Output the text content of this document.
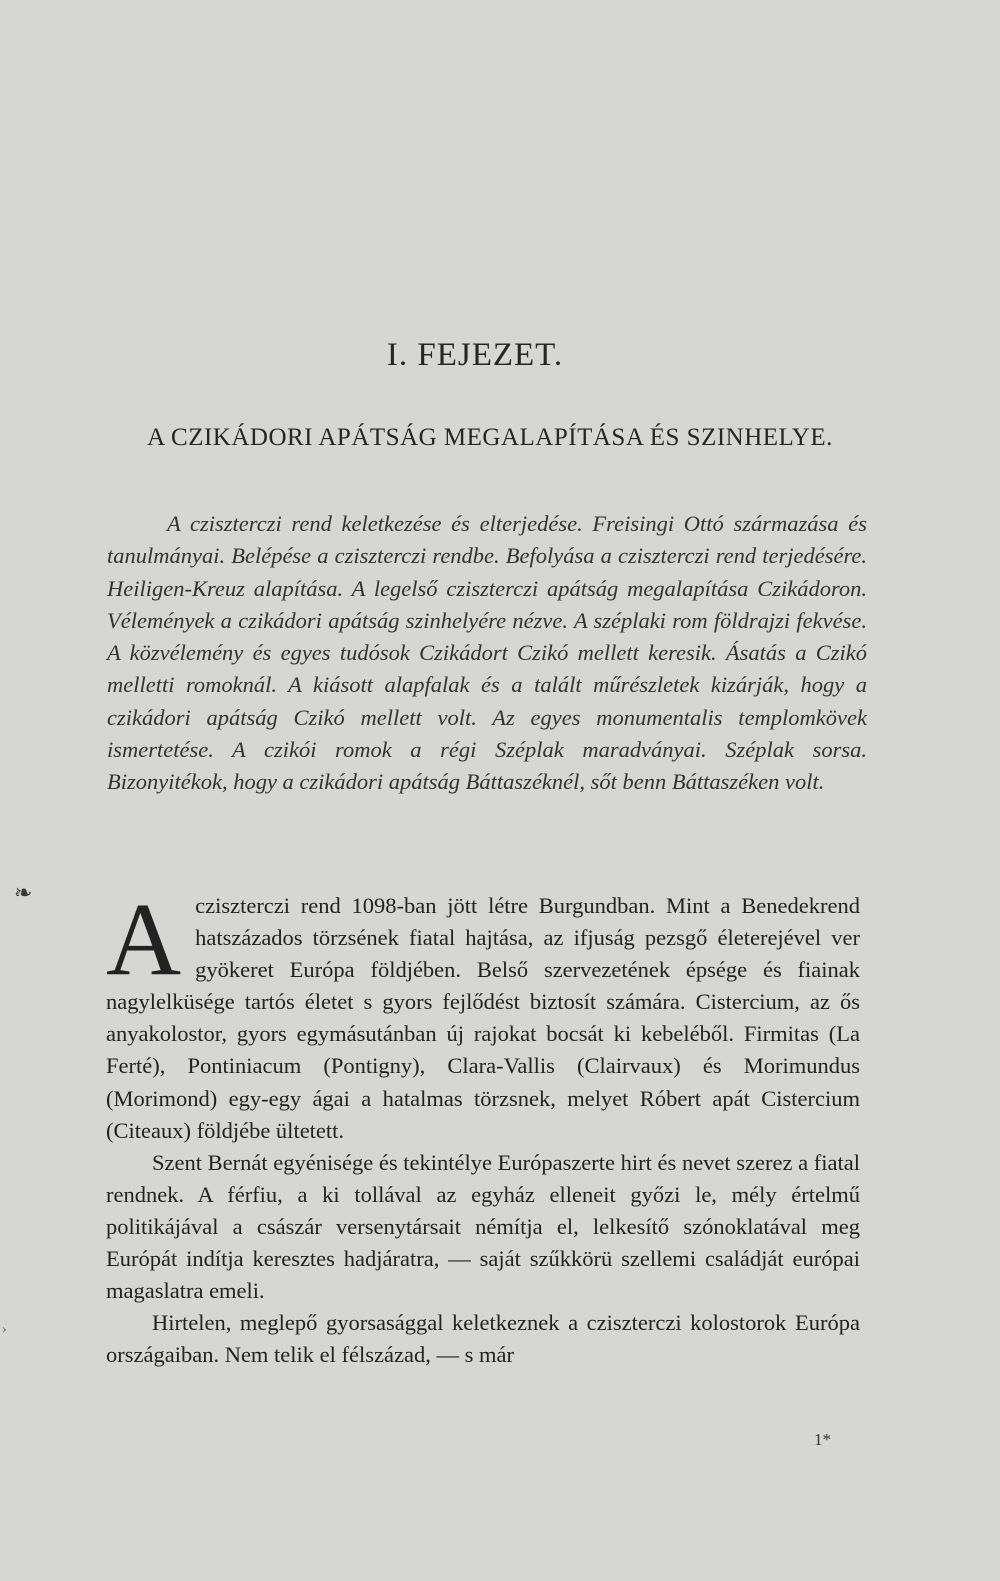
❧
›
I. FEJEZET.
A CZIKÁDORI APÁTSÁG MEGALAPÍTÁSA ÉS SZINHELYE.

A cziszterczi rend keletkezése és elterjedése. Freisingi Ottó származása és tanulmányai. Belépése a cziszterczi rendbe. Befolyása a cziszterczi rend terjedésére. Heiligen-Kreuz alapítása. A legelső cziszterczi apátság megalapítása Czikádoron. Vélemények a czikádori apátság szinhelyére nézve. A széplaki rom földrajzi fekvése. A közvélemény és egyes tudósok Czikádort Czikó mellett keresik. Ásatás a Czikó melletti romoknál. A kiásott alapfalak és a talált műrészletek kizárják, hogy a czikádori apátság Czikó mellett volt. Az egyes monumentalis templomkövek ismertetése. A czikói romok a régi Széplak maradványai. Széplak sorsa. Bizonyitékok, hogy a czikádori apátság Báttaszéknél, sőt benn Báttaszéken volt.

Acziszterczi rend 1098-ban jött létre Burgundban. Mint a Benedekrend hatszázados törzsének fiatal hajtása, az ifjuság pezsgő életerejével ver gyökeret Európa földjében. Belső szervezetének épsége és fiainak nagylelküsége tartós életet s gyors fejlődést biztosít számára. Cistercium, az ős anyakolostor, gyors egymásutánban új rajokat bocsát ki kebeléből. Firmitas (La Ferté), Pontiniacum (Pontigny), Clara-Vallis (Clairvaux) és Morimundus (Morimond) egy-egy ágai a hatalmas törzsnek, melyet Róbert apát Cistercium (Citeaux) földjébe ültetett.

Szent Bernát egyénisége és tekintélye Európaszerte hirt és nevet szerez a fiatal rendnek. A férfiu, a ki tollával az egyház elleneit győzi le, mély értelmű politikájával a császár versenytársait némítja el, lelkesítő szónoklatával meg Európát indítja keresztes hadjáratra, — saját szűkkörü szellemi családját európai magaslatra emeli.

Hirtelen, meglepő gyorsasággal keletkeznek a cziszterczi kolostorok Európa országaiban. Nem telik el félszázad, — s már

1*
